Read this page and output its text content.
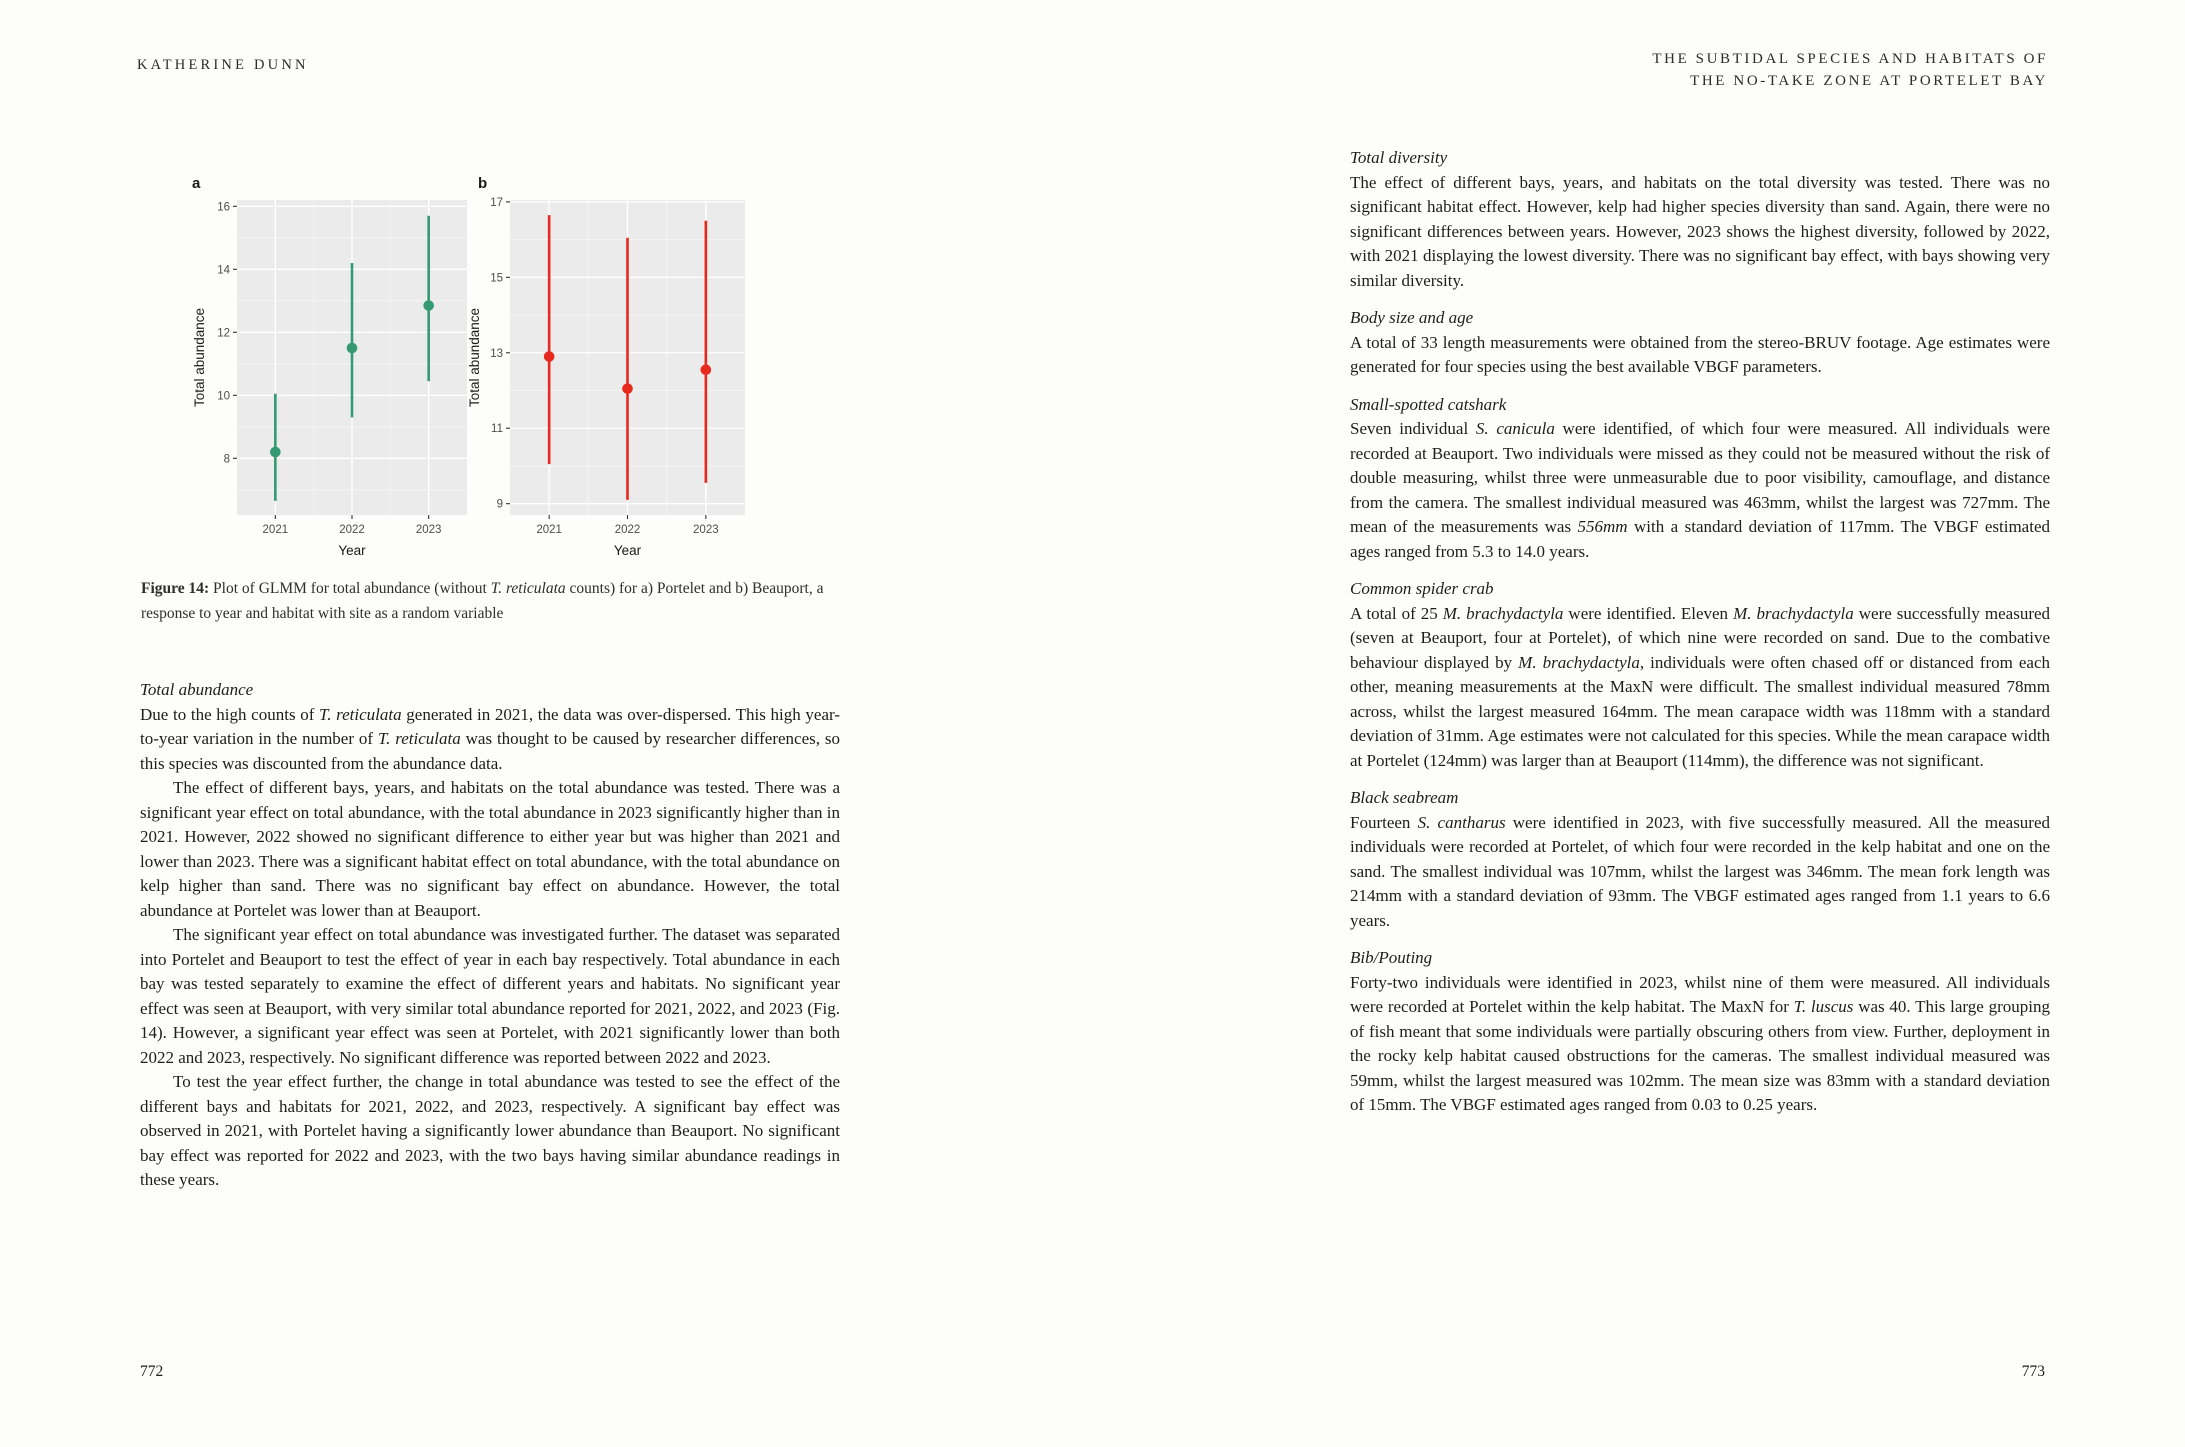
KATHERINE DUNN	THE SUBTIDAL SPECIES AND HABITATS OF
THE NO-TAKE ZONE AT PORTELET BAY
8
10
12
14
16
2021	2022	2023
Year
Total abundance
a
9
11
13
15
17
2021	2022	2023
Year
Total abundance
b
Figure 14: Plot of GLMM for total abundance (without T. reticulata counts) for a) Portelet and b) Beauport, a response to year and habitat with site as a random variable
Total abundance

Due to the high counts of T. reticulata generated in 2021, the data was over-dispersed. This high year-to-year variation in the number of T. reticulata was thought to be caused by researcher differences, so this species was discounted from the abundance data.

The effect of different bays, years, and habitats on the total abundance was tested. There was a significant year effect on total abundance, with the total abundance in 2023 significantly higher than in 2021. However, 2022 showed no significant difference to either year but was higher than 2021 and lower than 2023. There was a significant habitat effect on total abundance, with the total abundance on kelp higher than sand. There was no significant bay effect on abundance. However, the total abundance at Portelet was lower than at Beauport.

The significant year effect on total abundance was investigated further. The dataset was separated into Portelet and Beauport to test the effect of year in each bay respectively. Total abundance in each bay was tested separately to examine the effect of different years and habitats. No significant year effect was seen at Beauport, with very similar total abundance reported for 2021, 2022, and 2023 (Fig. 14). However, a significant year effect was seen at Portelet, with 2021 significantly lower than both 2022 and 2023, respectively. No significant difference was reported between 2022 and 2023.

To test the year effect further, the change in total abundance was tested to see the effect of the different bays and habitats for 2021, 2022, and 2023, respectively. A significant bay effect was observed in 2021, with Portelet having a significantly lower abundance than Beauport. No significant bay effect was reported for 2022 and 2023, with the two bays having similar abundance readings in these years.

Total diversity

The effect of different bays, years, and habitats on the total diversity was tested. There was no significant habitat effect. However, kelp had higher species diversity than sand. Again, there were no significant differences between years. However, 2023 shows the highest diversity, followed by 2022, with 2021 displaying the lowest diversity. There was no significant bay effect, with bays showing very similar diversity.

Body size and age

A total of 33 length measurements were obtained from the stereo-BRUV footage. Age estimates were generated for four species using the best available VBGF parameters.

Small-spotted catshark

Seven individual S. canicula were identified, of which four were measured. All individuals were recorded at Beauport. Two individuals were missed as they could not be measured without the risk of double measuring, whilst three were unmeasurable due to poor visibility, camouflage, and distance from the camera. The smallest individual measured was 463mm, whilst the largest was 727mm. The mean of the measurements was 556mm with a standard deviation of 117mm. The VBGF estimated ages ranged from 5.3 to 14.0 years.

Common spider crab

A total of 25 M. brachydactyla were identified. Eleven M. brachydactyla were successfully measured (seven at Beauport, four at Portelet), of which nine were recorded on sand. Due to the combative behaviour displayed by M. brachydactyla, individuals were often chased off or distanced from each other, meaning measurements at the MaxN were difficult. The smallest individual measured 78mm across, whilst the largest measured 164mm. The mean carapace width was 118mm with a standard deviation of 31mm. Age estimates were not calculated for this species. While the mean carapace width at Portelet (124mm) was larger than at Beauport (114mm), the difference was not significant.

Black seabream

Fourteen S. cantharus were identified in 2023, with five successfully measured. All the measured individuals were recorded at Portelet, of which four were recorded in the kelp habitat and one on the sand. The smallest individual was 107mm, whilst the largest was 346mm. The mean fork length was 214mm with a standard deviation of 93mm. The VBGF estimated ages ranged from 1.1 years to 6.6 years.

Bib/Pouting

Forty-two individuals were identified in 2023, whilst nine of them were measured. All individuals were recorded at Portelet within the kelp habitat. The MaxN for T. luscus was 40. This large grouping of fish meant that some individuals were partially obscuring others from view. Further, deployment in the rocky kelp habitat caused obstructions for the cameras. The smallest individual measured was 59mm, whilst the largest measured was 102mm. The mean size was 83mm with a standard deviation of 15mm. The VBGF estimated ages ranged from 0.03 to 0.25 years.

772	773
